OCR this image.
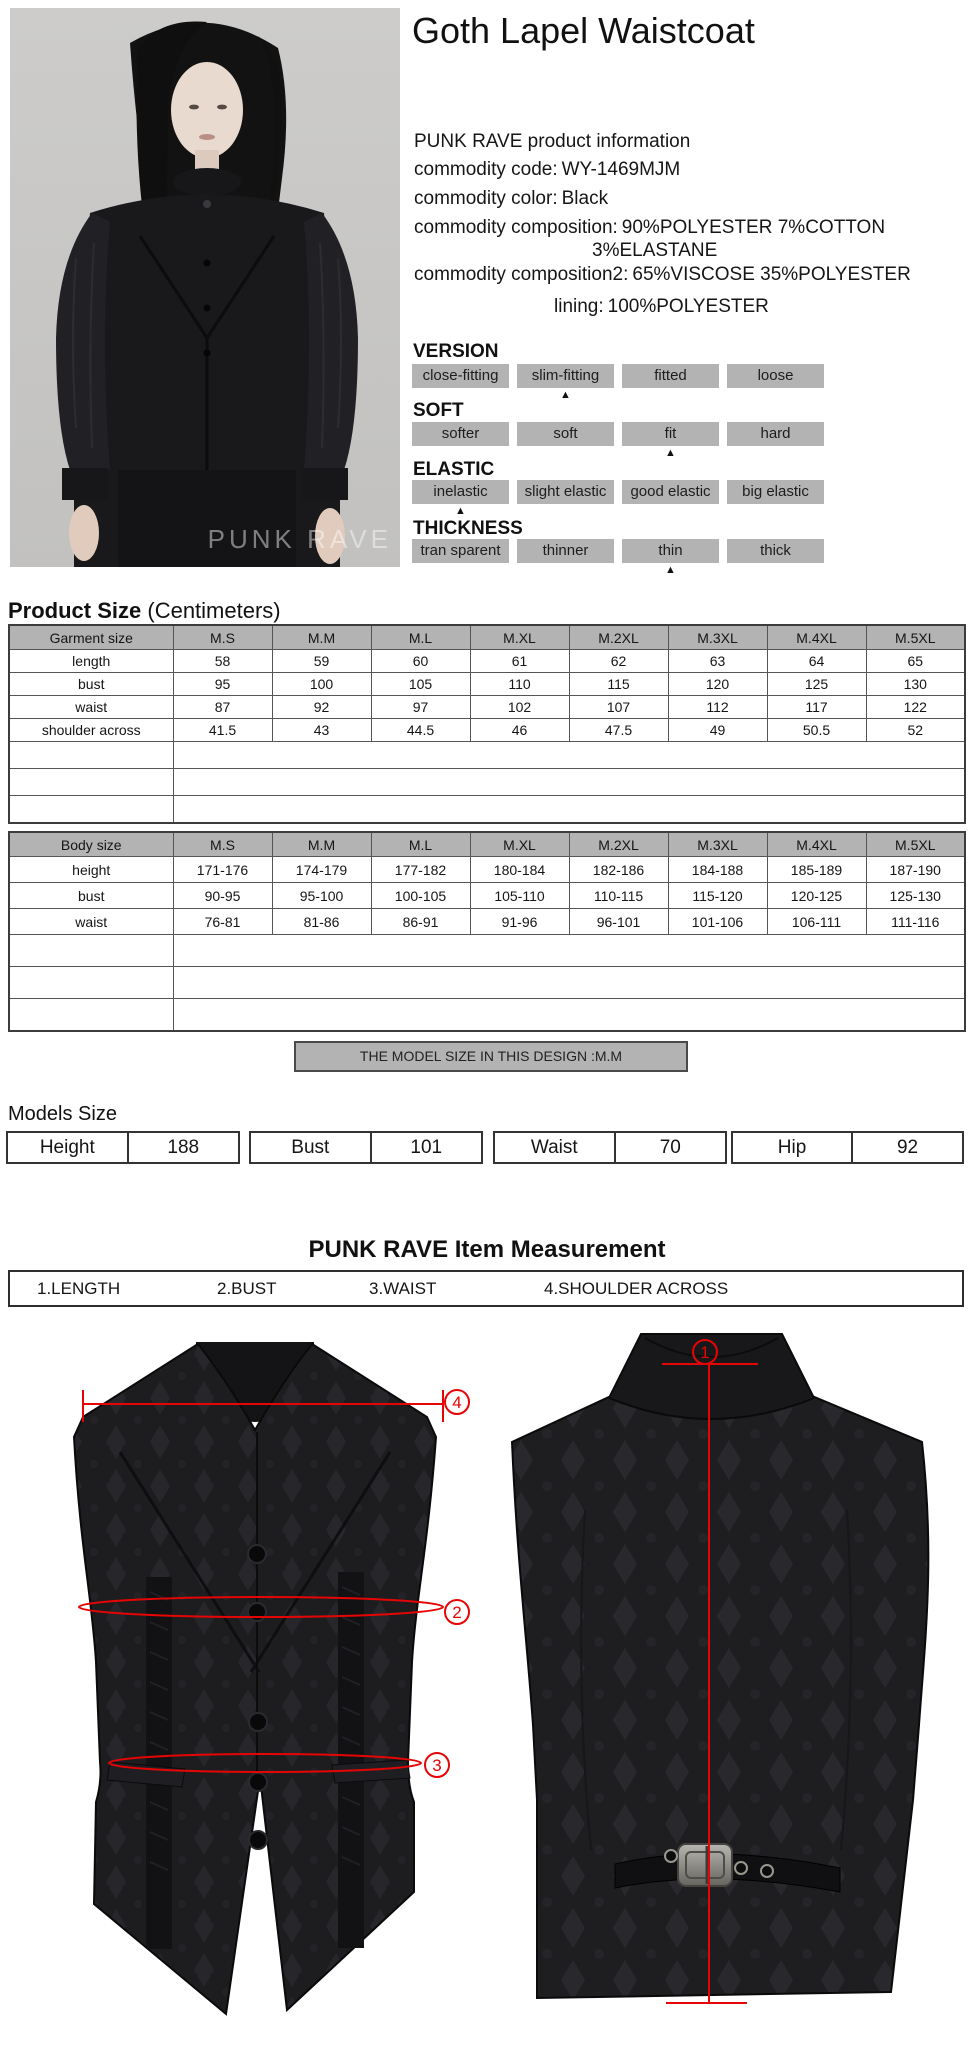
PUNK RAVE
Goth Lapel Waistcoat
PUNK RAVE product information
commodity code: WY-1469MJM
commodity color: Black
commodity composition: 90%POLYESTER 7%COTTON
3%ELASTANE
commodity composition2: 65%VISCOSE 35%POLYESTER
lining: 100%POLYESTER
VERSION
close-fitting	slim-fitting
▲
fitted	loose
SOFT
softer	soft	fit
▲
hard
ELASTIC
inelastic
▲
slight elastic	good elastic	big elastic
THICKNESS
tran sparent	thinner	thin
▲
thick
Product Size (Centimeters)
Garment size	M.S	M.M	M.L	M.XL	M.2XL	M.3XL	M.4XL	M.5XL
length	58	59	60	61	62	63	64	65
bust	95	100	105	110	115	120	125	130
waist	87	92	97	102	107	112	117	122
shoulder across	41.5	43	44.5	46	47.5	49	50.5	52

Body size	M.S	M.M	M.L	M.XL	M.2XL	M.3XL	M.4XL	M.5XL
height	171-176	174-179	177-182	180-184	182-186	184-188	185-189	187-190
bust	90-95	95-100	100-105	105-110	110-115	115-120	120-125	125-130
waist	76-81	81-86	86-91	91-96	96-101	101-106	106-111	111-116

THE MODEL SIZE IN THIS DESIGN :M.M
Models Size
Height	188	Bust	101	Waist	70	Hip	92
PUNK RAVE Item Measurement
1.LENGTH	2.BUST	3.WAIST	4.SHOULDER ACROSS
4
2
3
1
